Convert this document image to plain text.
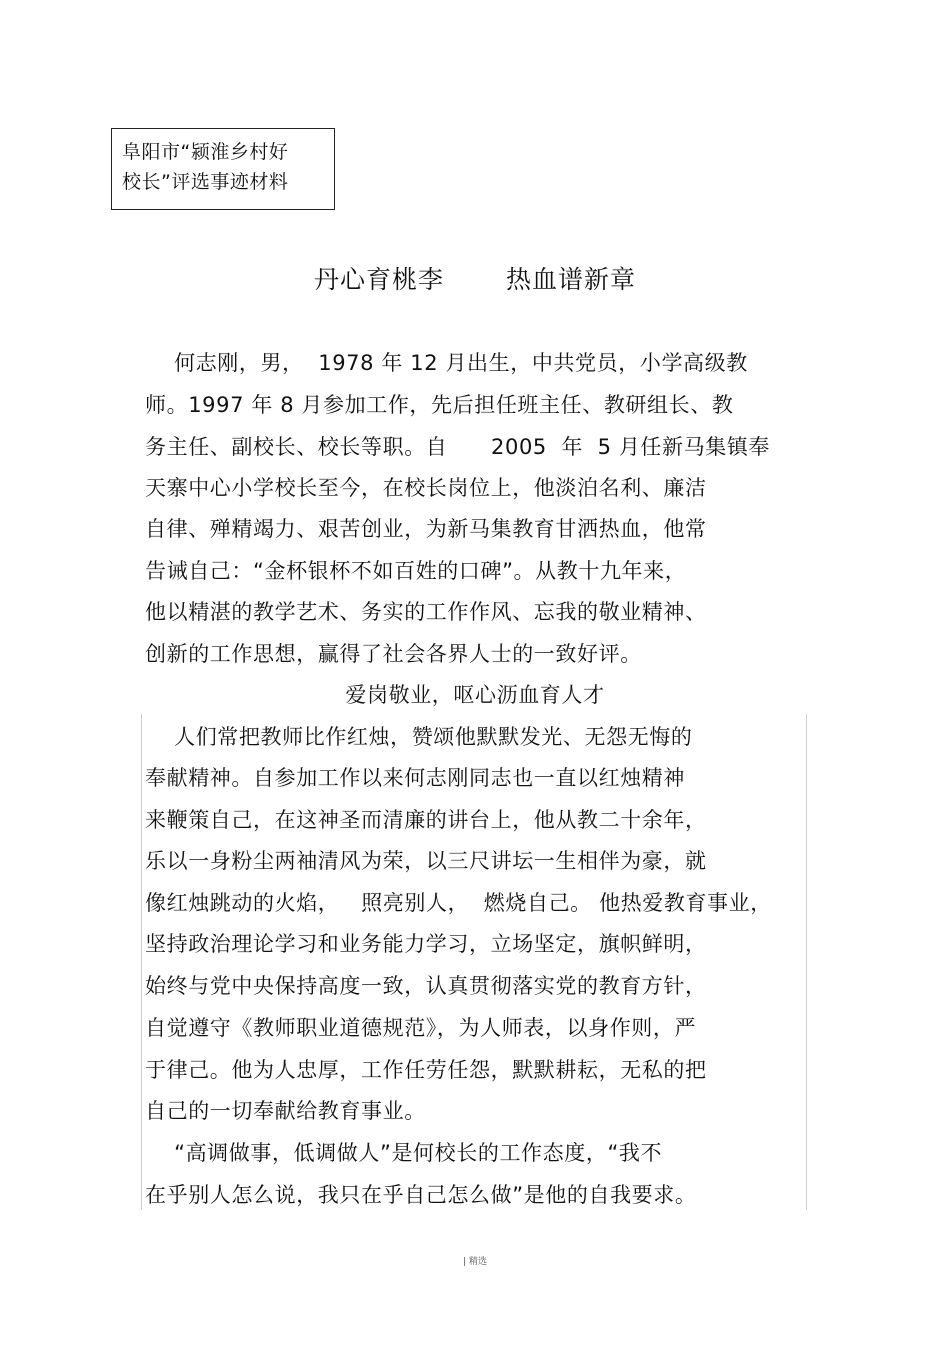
阜阳市“颍淮乡村好
校长”评选事迹材料
丹心育桃李 热血谱新章
何志刚，男，  1978 年 12 月出生，中共党员，小学高级教
师。1997 年 8 月参加工作，先后担任班主任、教研组长、教
务主任、副校长、校长等职。自      2005  年  5 月任新马集镇奉
天寨中心小学校长至今，在校长岗位上，他淡泊名利、廉洁
自律、殚精竭力、艰苦创业，为新马集教育甘洒热血，他常
告诫自己：“金杯银杯不如百姓的口碑”。从教十九年来，
他以精湛的教学艺术、务实的工作作风、忘我的敬业精神、
创新的工作思想，赢得了社会各界人士的一致好评。
爱岗敬业，呕心沥血育人才
人们常把教师比作红烛，赞颂他默默发光、无怨无悔的
奉献精神。自参加工作以来何志刚同志也一直以红烛精神
来鞭策自己，在这神圣而清廉的讲台上，他从教二十余年，
乐以一身粉尘两袖清风为荣，以三尺讲坛一生相伴为豪，就
像红烛跳动的火焰，   照亮别人，  燃烧自己。 他热爱教育事业，
坚持政治理论学习和业务能力学习，立场坚定，旗帜鲜明，
始终与党中央保持高度一致，认真贯彻落实党的教育方针，
自觉遵守《教师职业道德规范》，为人师表，以身作则，严
于律己。他为人忠厚，工作任劳任怨，默默耕耘，无私的把
自己的一切奉献给教育事业。
“高调做事，低调做人”是何校长的工作态度，“我不
在乎别人怎么说，我只在乎自己怎么做”是他的自我要求。
| 精选
